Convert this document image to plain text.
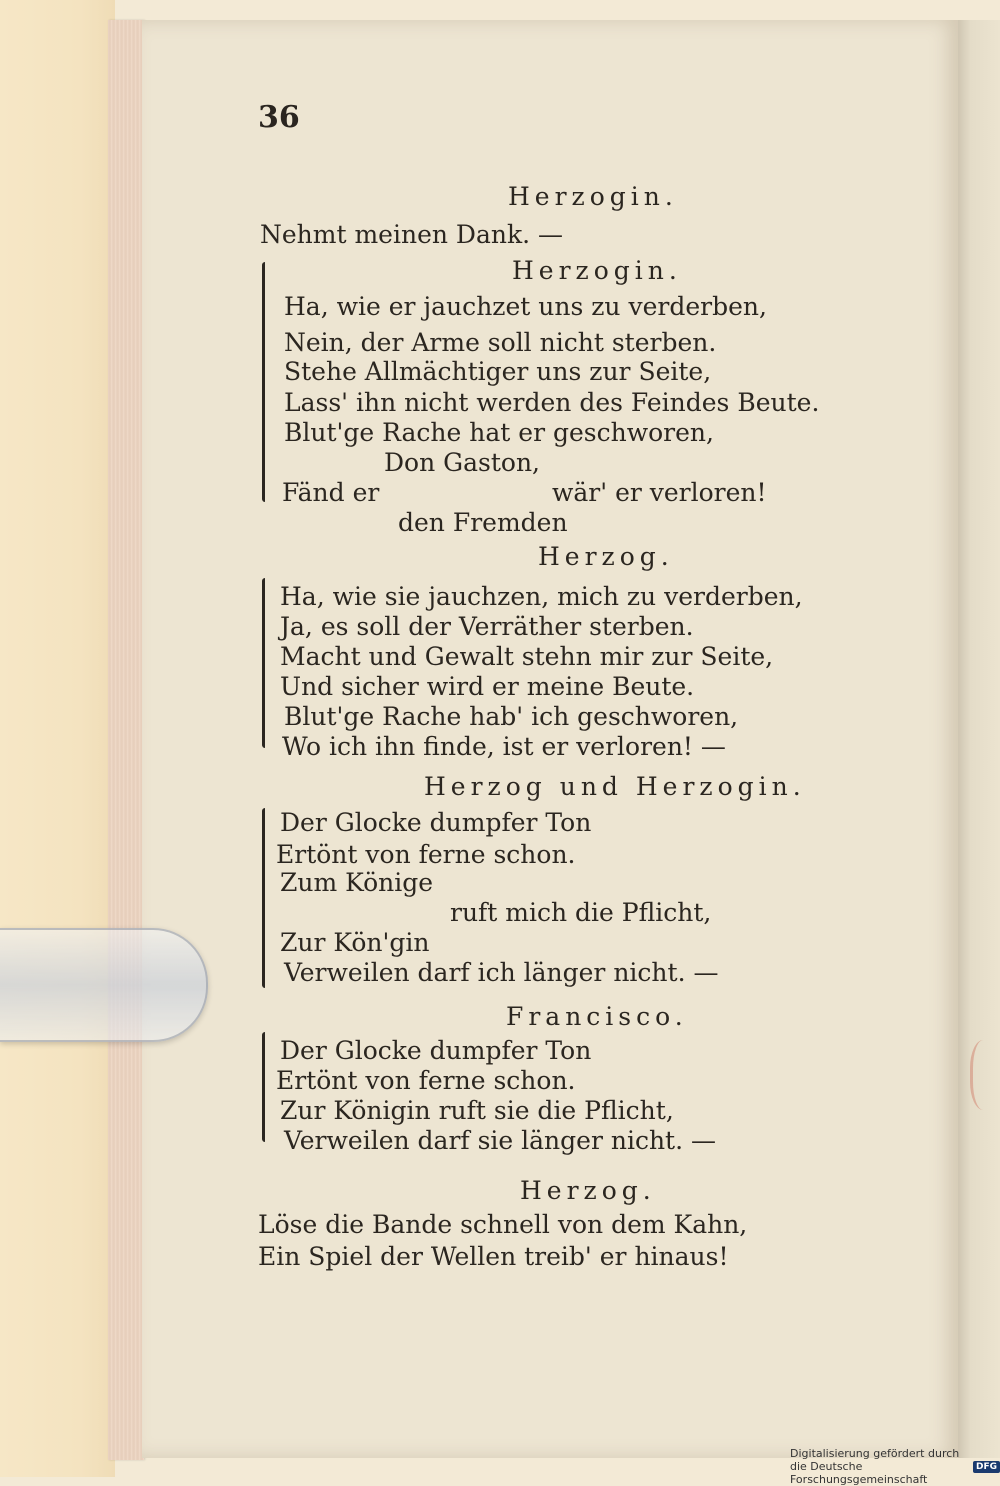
36
Herzogin.
Nehmt meinen Dank. —
Herzogin.
Ha, wie er jauchzet uns zu verderben,
Nein, der Arme soll nicht sterben.
Stehe Allmächtiger uns zur Seite,
Lass' ihn nicht werden des Feindes Beute.
Blut'ge Rache hat er geschworen,
Don Gaston,
Fänd er	wär' er verloren!
den Fremden
Herzog.
Ha, wie sie jauchzen, mich zu verderben,
Ja, es soll der Verräther sterben.
Macht und Gewalt stehn mir zur Seite,
Und sicher wird er meine Beute.
Blut'ge Rache hab' ich geschworen,
Wo ich ihn finde, ist er verloren! —
Herzog und Herzogin.
Der Glocke dumpfer Ton
Ertönt von ferne schon.
Zum Könige
ruft mich die Pflicht,
Zur Kön'gin
Verweilen darf ich länger nicht. —
Francisco.
Der Glocke dumpfer Ton
Ertönt von ferne schon.
Zur Königin ruft sie die Pflicht,
Verweilen darf sie länger nicht. —
Herzog.
Löse die Bande schnell von dem Kahn,
Ein Spiel der Wellen treib' er hinaus!
Digitalisierung gefördert durch die Deutsche Forschungsgemeinschaft
DFG
